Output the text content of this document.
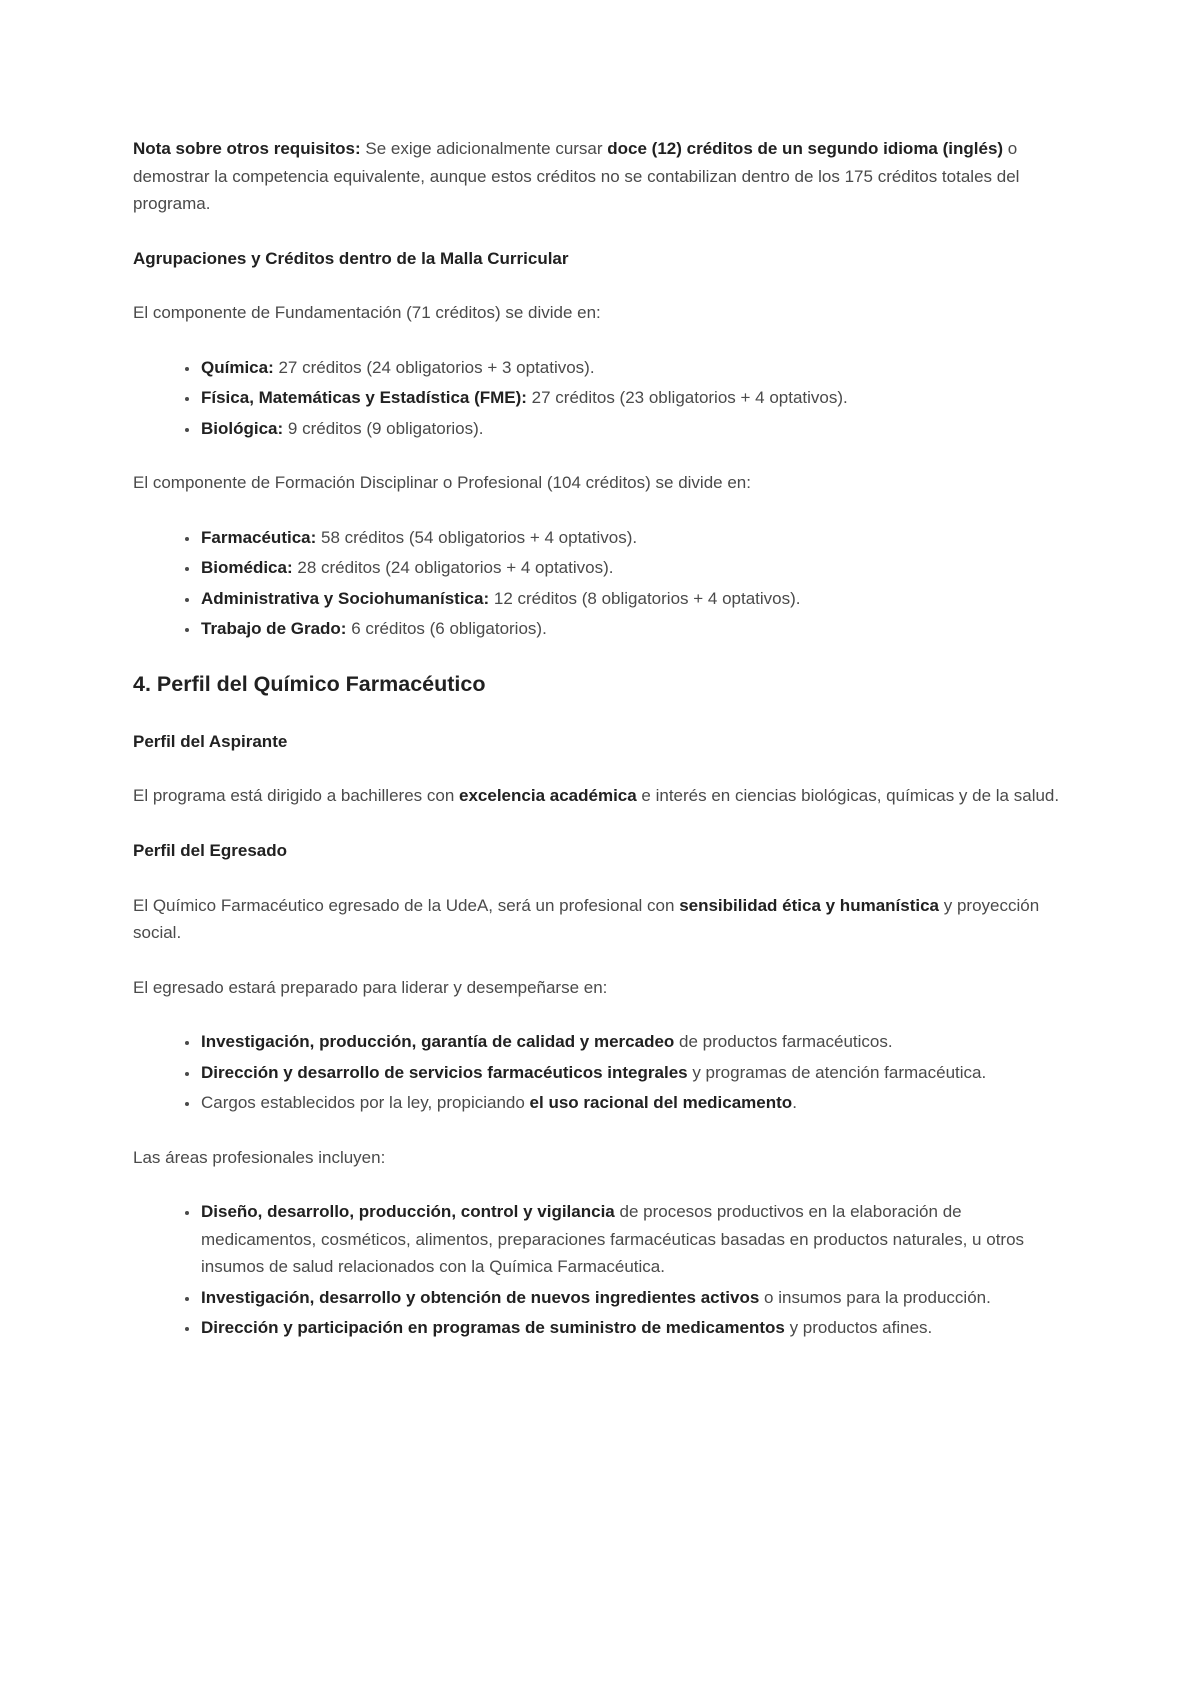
Nota sobre otros requisitos: Se exige adicionalmente cursar doce (12) créditos de un segundo idioma (inglés) o demostrar la competencia equivalente, aunque estos créditos no se contabilizan dentro de los 175 créditos totales del programa.

Agrupaciones y Créditos dentro de la Malla Curricular

El componente de Fundamentación (71 créditos) se divide en:

• Química: 27 créditos (24 obligatorios + 3 optativos).
• Física, Matemáticas y Estadística (FME): 27 créditos (23 obligatorios + 4 optativos).
• Biológica: 9 créditos (9 obligatorios).

El componente de Formación Disciplinar o Profesional (104 créditos) se divide en:

• Farmacéutica: 58 créditos (54 obligatorios + 4 optativos).
• Biomédica: 28 créditos (24 obligatorios + 4 optativos).
• Administrativa y Sociohumanística: 12 créditos (8 obligatorios + 4 optativos).
• Trabajo de Grado: 6 créditos (6 obligatorios).
4. Perfil del Químico Farmacéutico
Perfil del Aspirante

El programa está dirigido a bachilleres con excelencia académica e interés en ciencias biológicas, químicas y de la salud.

Perfil del Egresado

El Químico Farmacéutico egresado de la UdeA, será un profesional con sensibilidad ética y humanística y proyección social.

El egresado estará preparado para liderar y desempeñarse en:

• Investigación, producción, garantía de calidad y mercadeo de productos farmacéuticos.
• Dirección y desarrollo de servicios farmacéuticos integrales y programas de atención farmacéutica.
• Cargos establecidos por la ley, propiciando el uso racional del medicamento.

Las áreas profesionales incluyen:

• Diseño, desarrollo, producción, control y vigilancia de procesos productivos en la elaboración de medicamentos, cosméticos, alimentos, preparaciones farmacéuticas basadas en productos naturales, u otros insumos de salud relacionados con la Química Farmacéutica.
• Investigación, desarrollo y obtención de nuevos ingredientes activos o insumos para la producción.
• Dirección y participación en programas de suministro de medicamentos y productos afines.
